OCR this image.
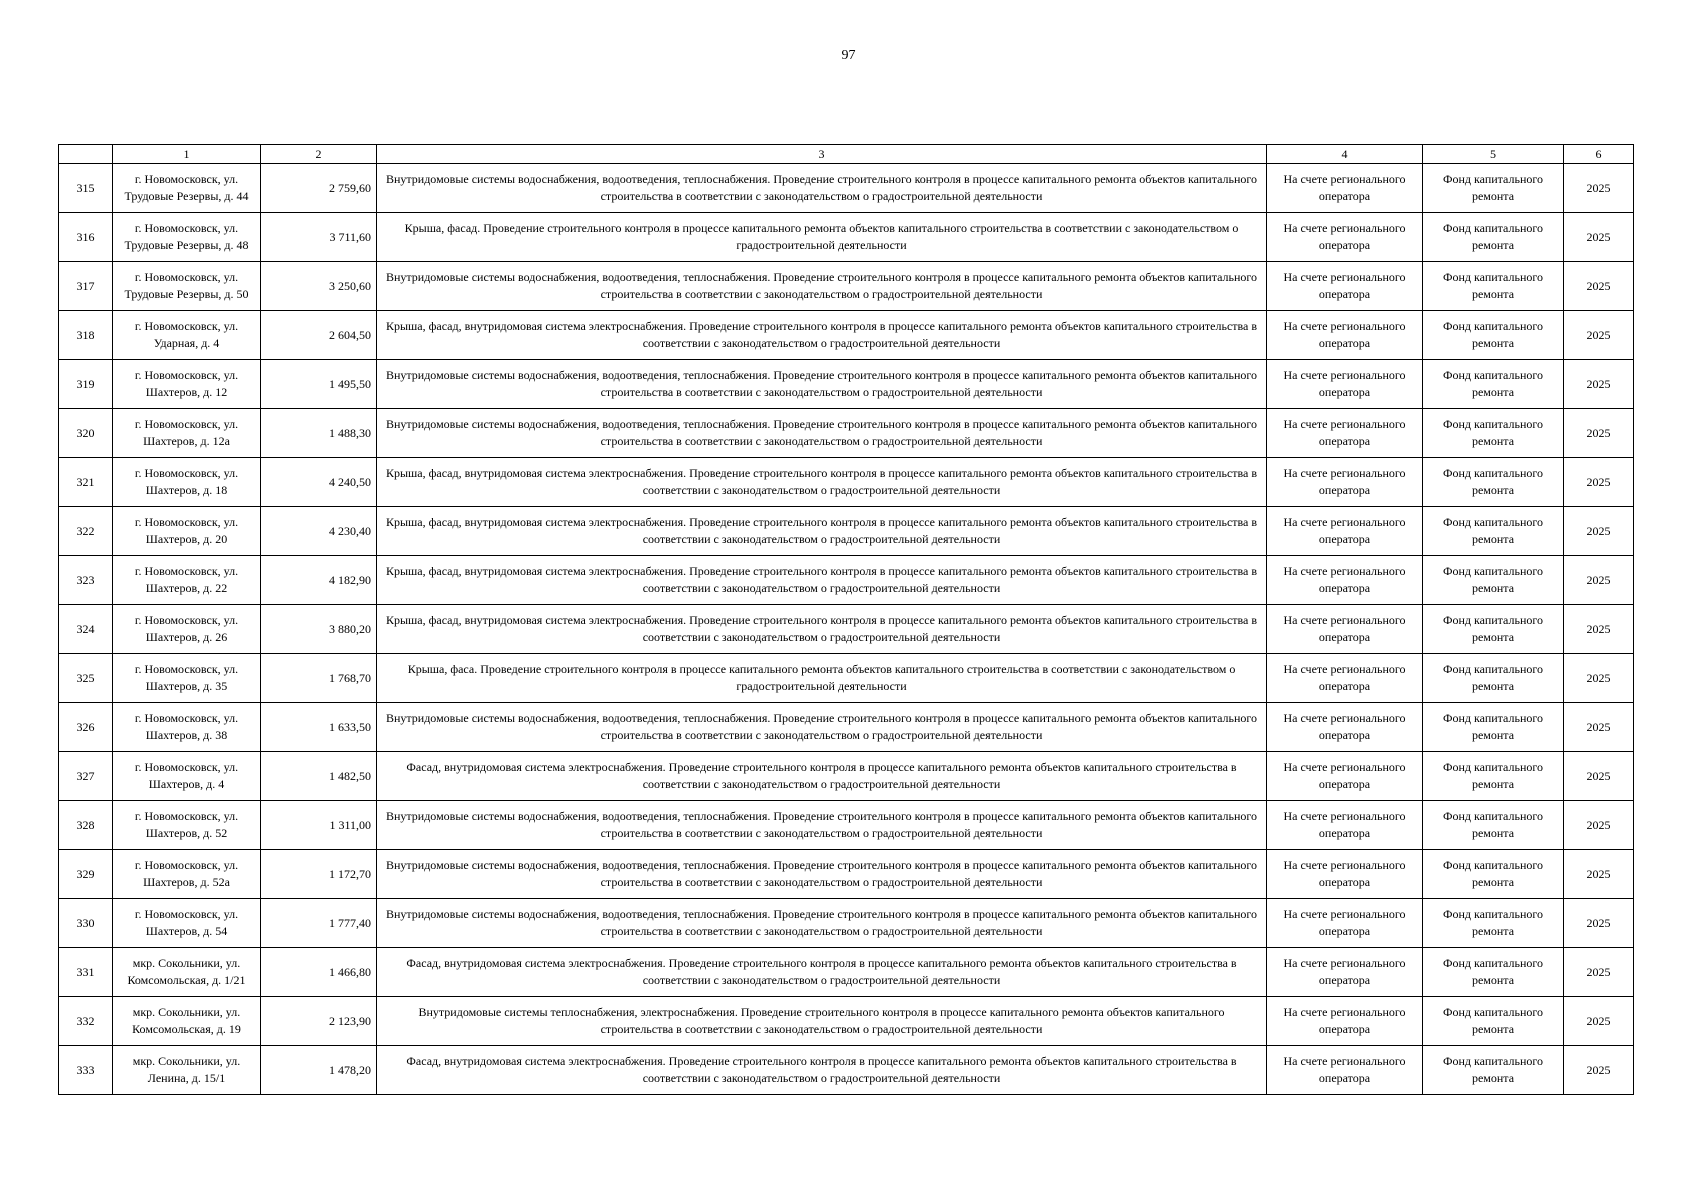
97
	1	2	3	4	5	6
315	г. Новомосковск, ул. Трудовые Резервы, д. 44	2 759,60	Внутридомовые системы водоснабжения, водоотведения, теплоснабжения. Проведение строительного контроля в процессе капитального ремонта объектов капитального строительства в соответствии с законодательством о градостроительной деятельности	На счете регионального оператора	Фонд капитального ремонта	2025
316	г. Новомосковск, ул. Трудовые Резервы, д. 48	3 711,60	Крыша, фасад. Проведение строительного контроля в процессе капитального ремонта объектов капитального строительства в соответствии с законодательством о градостроительной деятельности	На счете регионального оператора	Фонд капитального ремонта	2025
317	г. Новомосковск, ул. Трудовые Резервы, д. 50	3 250,60	Внутридомовые системы водоснабжения, водоотведения, теплоснабжения. Проведение строительного контроля в процессе капитального ремонта объектов капитального строительства в соответствии с законодательством о градостроительной деятельности	На счете регионального оператора	Фонд капитального ремонта	2025
318	г. Новомосковск, ул. Ударная, д. 4	2 604,50	Крыша, фасад, внутридомовая система электроснабжения. Проведение строительного контроля в процессе капитального ремонта объектов капитального строительства в соответствии с законодательством о градостроительной деятельности	На счете регионального оператора	Фонд капитального ремонта	2025
319	г. Новомосковск, ул. Шахтеров, д. 12	1 495,50	Внутридомовые системы водоснабжения, водоотведения, теплоснабжения. Проведение строительного контроля в процессе капитального ремонта объектов капитального строительства в соответствии с законодательством о градостроительной деятельности	На счете регионального оператора	Фонд капитального ремонта	2025
320	г. Новомосковск, ул. Шахтеров, д. 12а	1 488,30	Внутридомовые системы водоснабжения, водоотведения, теплоснабжения. Проведение строительного контроля в процессе капитального ремонта объектов капитального строительства в соответствии с законодательством о градостроительной деятельности	На счете регионального оператора	Фонд капитального ремонта	2025
321	г. Новомосковск, ул. Шахтеров, д. 18	4 240,50	Крыша, фасад, внутридомовая система электроснабжения. Проведение строительного контроля в процессе капитального ремонта объектов капитального строительства в соответствии с законодательством о градостроительной деятельности	На счете регионального оператора	Фонд капитального ремонта	2025
322	г. Новомосковск, ул. Шахтеров, д. 20	4 230,40	Крыша, фасад, внутридомовая система электроснабжения. Проведение строительного контроля в процессе капитального ремонта объектов капитального строительства в соответствии с законодательством о градостроительной деятельности	На счете регионального оператора	Фонд капитального ремонта	2025
323	г. Новомосковск, ул. Шахтеров, д. 22	4 182,90	Крыша, фасад, внутридомовая система электроснабжения. Проведение строительного контроля в процессе капитального ремонта объектов капитального строительства в соответствии с законодательством о градостроительной деятельности	На счете регионального оператора	Фонд капитального ремонта	2025
324	г. Новомосковск, ул. Шахтеров, д. 26	3 880,20	Крыша, фасад, внутридомовая система электроснабжения. Проведение строительного контроля в процессе капитального ремонта объектов капитального строительства в соответствии с законодательством о градостроительной деятельности	На счете регионального оператора	Фонд капитального ремонта	2025
325	г. Новомосковск, ул. Шахтеров, д. 35	1 768,70	Крыша, фаса. Проведение строительного контроля в процессе капитального ремонта объектов капитального строительства в соответствии с законодательством о градостроительной деятельности	На счете регионального оператора	Фонд капитального ремонта	2025
326	г. Новомосковск, ул. Шахтеров, д. 38	1 633,50	Внутридомовые системы водоснабжения, водоотведения, теплоснабжения. Проведение строительного контроля в процессе капитального ремонта объектов капитального строительства в соответствии с законодательством о градостроительной деятельности	На счете регионального оператора	Фонд капитального ремонта	2025
327	г. Новомосковск, ул. Шахтеров, д. 4	1 482,50	Фасад, внутридомовая система электроснабжения. Проведение строительного контроля в процессе капитального ремонта объектов капитального строительства в соответствии с законодательством о градостроительной деятельности	На счете регионального оператора	Фонд капитального ремонта	2025
328	г. Новомосковск, ул. Шахтеров, д. 52	1 311,00	Внутридомовые системы водоснабжения, водоотведения, теплоснабжения. Проведение строительного контроля в процессе капитального ремонта объектов капитального строительства в соответствии с законодательством о градостроительной деятельности	На счете регионального оператора	Фонд капитального ремонта	2025
329	г. Новомосковск, ул. Шахтеров, д. 52а	1 172,70	Внутридомовые системы водоснабжения, водоотведения, теплоснабжения. Проведение строительного контроля в процессе капитального ремонта объектов капитального строительства в соответствии с законодательством о градостроительной деятельности	На счете регионального оператора	Фонд капитального ремонта	2025
330	г. Новомосковск, ул. Шахтеров, д. 54	1 777,40	Внутридомовые системы водоснабжения, водоотведения, теплоснабжения. Проведение строительного контроля в процессе капитального ремонта объектов капитального строительства в соответствии с законодательством о градостроительной деятельности	На счете регионального оператора	Фонд капитального ремонта	2025
331	мкр. Сокольники, ул. Комсомольская, д. 1/21	1 466,80	Фасад, внутридомовая система электроснабжения. Проведение строительного контроля в процессе капитального ремонта объектов капитального строительства в соответствии с законодательством о градостроительной деятельности	На счете регионального оператора	Фонд капитального ремонта	2025
332	мкр. Сокольники, ул. Комсомольская, д. 19	2 123,90	Внутридомовые системы теплоснабжения, электроснабжения. Проведение строительного контроля в процессе капитального ремонта объектов капитального строительства в соответствии с законодательством о градостроительной деятельности	На счете регионального оператора	Фонд капитального ремонта	2025
333	мкр. Сокольники, ул. Ленина, д. 15/1	1 478,20	Фасад, внутридомовая система электроснабжения. Проведение строительного контроля в процессе капитального ремонта объектов капитального строительства в соответствии с законодательством о градостроительной деятельности	На счете регионального оператора	Фонд капитального ремонта	2025
